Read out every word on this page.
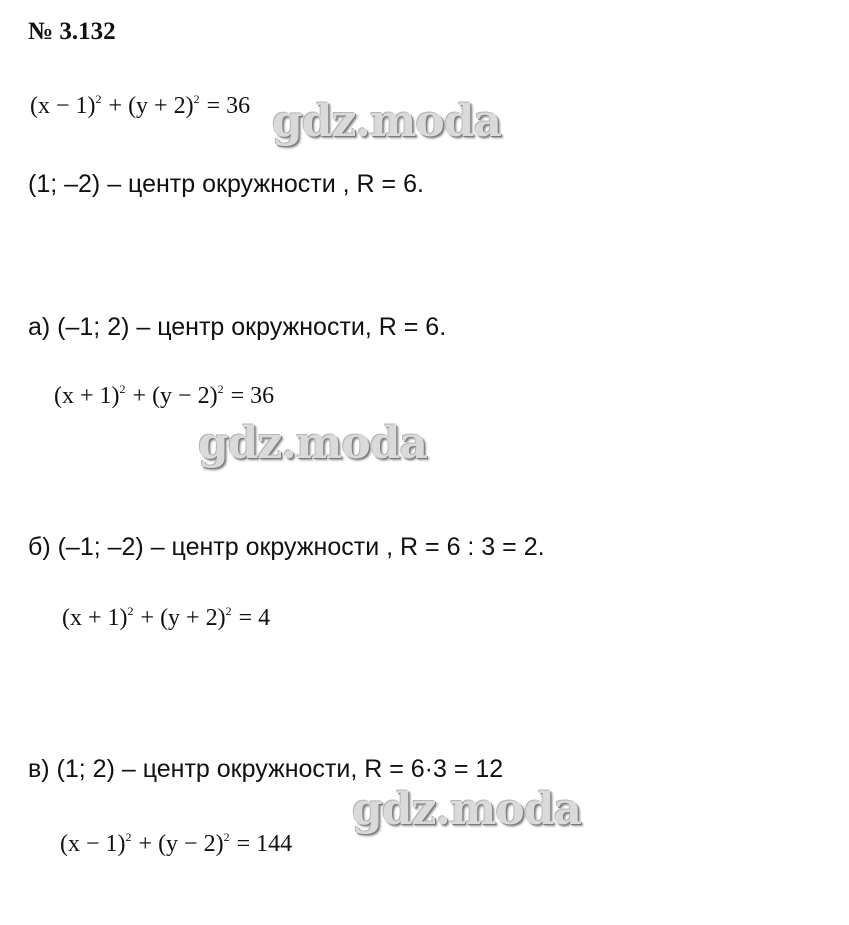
№ 3.132
$(x - 1)^2 + (y + 2)^2 = 36$ gdz.moda
(1; –2) – центр окружности , R = 6.
а) (–1; 2) – центр окружности, R = 6.
$(x + 1)^2 + (y - 2)^2 = 36$
gdz.moda
б) (–1; –2) – центр окружности , R = 6 : 3 = 2.
$(x + 1)^2 + (y + 2)^2 = 4$
в) (1; 2) – центр окружности, R = 6·3 = 12
gdz.moda
$(x - 1)^2 + (y - 2)^2 = 144$
